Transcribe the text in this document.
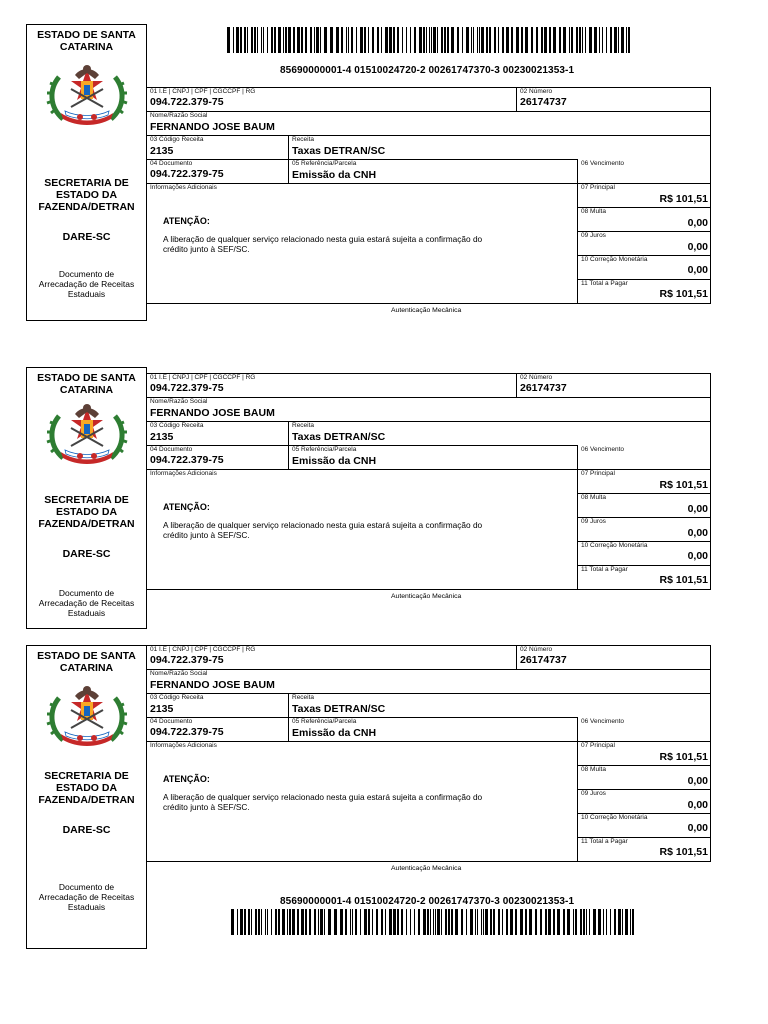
85690000001-4 01510024720-2 00261747370-3 00230021353-1
ESTADO DE SANTA CATARINA
SECRETARIA DE ESTADO DA FAZENDA/DETRAN
DARE-SC
Documento de Arrecadação de Receitas Estaduais
01 I.E | CNPJ | CPF | CGCCPF | RG
094.722.379-75
02 Número
26174737
Nome/Razão Social
FERNANDO JOSE BAUM
03 Código Receita
2135
Receita
Taxas DETRAN/SC
04 Documento
094.722.379-75
05 Referência/Parcela
Emissão da CNH
06 Vencimento
Informações Adicionais
ATENÇÃO:
A liberação de qualquer serviço relacionado nesta guia estará sujeita a confirmação do crédito junto à SEF/SC.
07 Principal
R$ 101,51
08 Multa
0,00
09 Juros
0,00
10 Correção Monetária
0,00
11 Total a Pagar
R$ 101,51
Autenticação Mecânica
ESTADO DE SANTA CATARINA
SECRETARIA DE ESTADO DA FAZENDA/DETRAN
DARE-SC
Documento de Arrecadação de Receitas Estaduais
01 I.E | CNPJ | CPF | CGCCPF | RG
094.722.379-75
02 Número
26174737
Nome/Razão Social
FERNANDO JOSE BAUM
03 Código Receita
2135
Receita
Taxas DETRAN/SC
04 Documento
094.722.379-75
05 Referência/Parcela
Emissão da CNH
06 Vencimento
Informações Adicionais
ATENÇÃO:
A liberação de qualquer serviço relacionado nesta guia estará sujeita a confirmação do crédito junto à SEF/SC.
07 Principal
R$ 101,51
08 Multa
0,00
09 Juros
0,00
10 Correção Monetária
0,00
11 Total a Pagar
R$ 101,51
Autenticação Mecânica
ESTADO DE SANTA CATARINA
SECRETARIA DE ESTADO DA FAZENDA/DETRAN
DARE-SC
Documento de Arrecadação de Receitas Estaduais
01 I.E | CNPJ | CPF | CGCCPF | RG
094.722.379-75
02 Número
26174737
Nome/Razão Social
FERNANDO JOSE BAUM
03 Código Receita
2135
Receita
Taxas DETRAN/SC
04 Documento
094.722.379-75
05 Referência/Parcela
Emissão da CNH
06 Vencimento
Informações Adicionais
ATENÇÃO:
A liberação de qualquer serviço relacionado nesta guia estará sujeita a confirmação do crédito junto à SEF/SC.
07 Principal
R$ 101,51
08 Multa
0,00
09 Juros
0,00
10 Correção Monetária
0,00
11 Total a Pagar
R$ 101,51
Autenticação Mecânica
85690000001-4 01510024720-2 00261747370-3 00230021353-1
